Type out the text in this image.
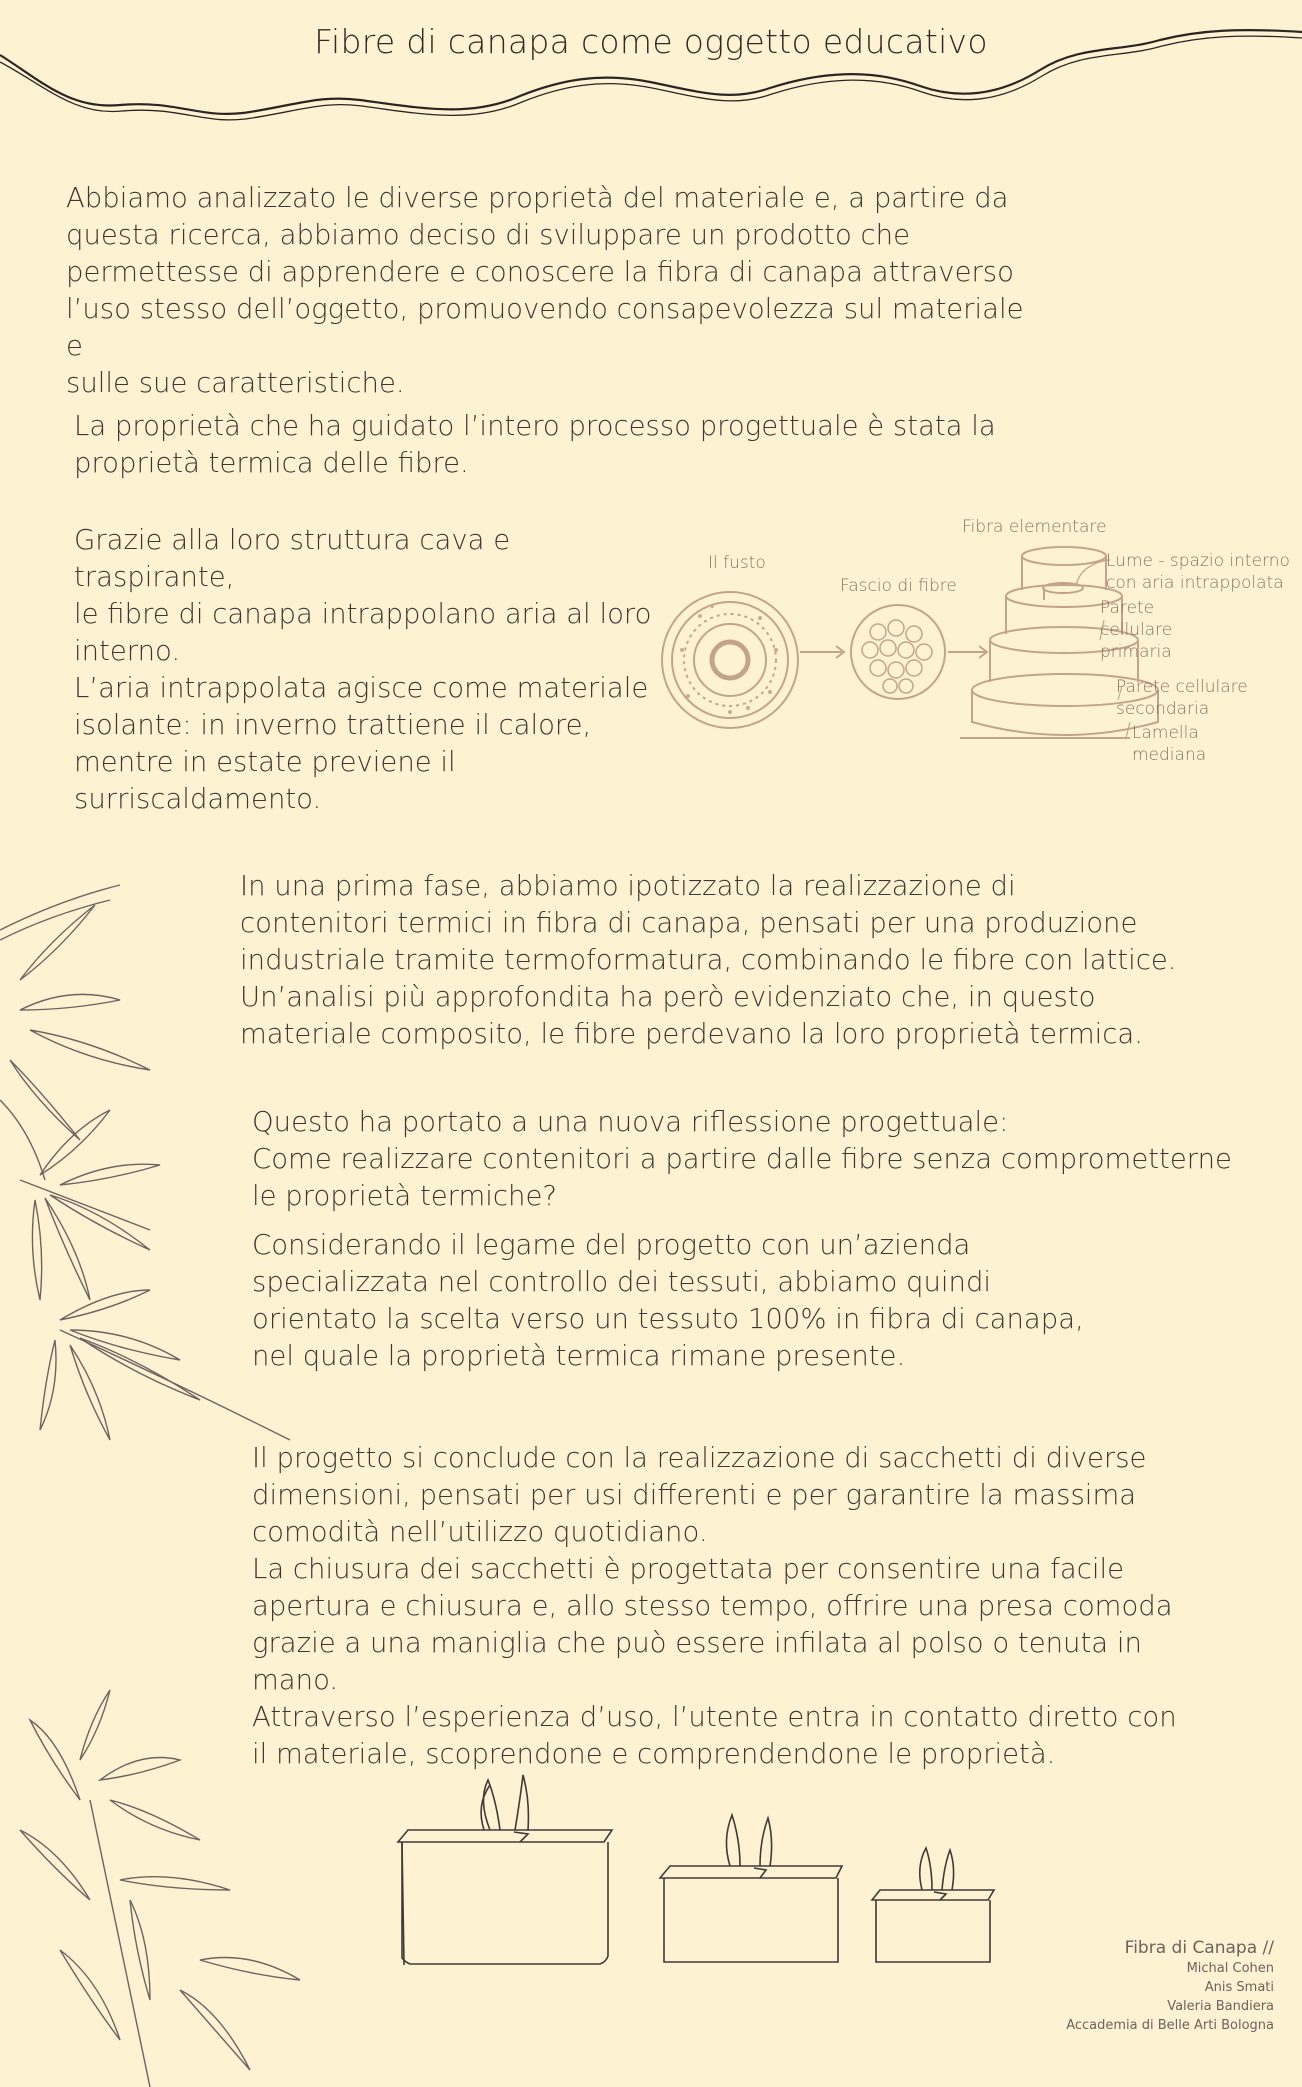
Fibre di canapa come oggetto educativo
Abbiamo analizzato le diverse proprietà del materiale e, a partire da
questa ricerca, abbiamo deciso di sviluppare un prodotto che
permettesse di apprendere e conoscere la fibra di canapa attraverso
l’uso stesso dell’oggetto, promuovendo consapevolezza sul materiale e
sulle sue caratteristiche.
La proprietà che ha guidato l’intero processo progettuale è stata la
proprietà termica delle fibre.
Grazie alla loro struttura cava e traspirante,
le fibre di canapa intrappolano aria al loro
interno.
L’aria intrappolata agisce come materiale
isolante: in inverno trattiene il calore,
mentre in estate previene il
surriscaldamento.
Il fusto
Fascio di fibre
Fibra elementare
Lume - spazio interno
con aria intrappolata
Parete
cellulare
primaria
Parete cellulare
secondaria
Lamella
mediana
In una prima fase, abbiamo ipotizzato la realizzazione di
contenitori termici in fibra di canapa, pensati per una produzione
industriale tramite termoformatura, combinando le fibre con lattice.
Un’analisi più approfondita ha però evidenziato che, in questo
materiale composito, le fibre perdevano la loro proprietà termica.
Questo ha portato a una nuova riflessione progettuale:
Come realizzare contenitori a partire dalle fibre senza comprometterne
le proprietà termiche?
Considerando il legame del progetto con un’azienda
specializzata nel controllo dei tessuti, abbiamo quindi
orientato la scelta verso un tessuto 100% in fibra di canapa,
nel quale la proprietà termica rimane presente.
Il progetto si conclude con la realizzazione di sacchetti di diverse
dimensioni, pensati per usi differenti e per garantire la massima
comodità nell’utilizzo quotidiano.
La chiusura dei sacchetti è progettata per consentire una facile
apertura e chiusura e, allo stesso tempo, offrire una presa comoda
grazie a una maniglia che può essere infilata al polso o tenuta in
mano.
Attraverso l’esperienza d’uso, l’utente entra in contatto diretto con
il materiale, scoprendone e comprendendone le proprietà.
Fibra di Canapa //
Michal Cohen
Anis Smati
Valeria Bandiera
Accademia di Belle Arti Bologna
